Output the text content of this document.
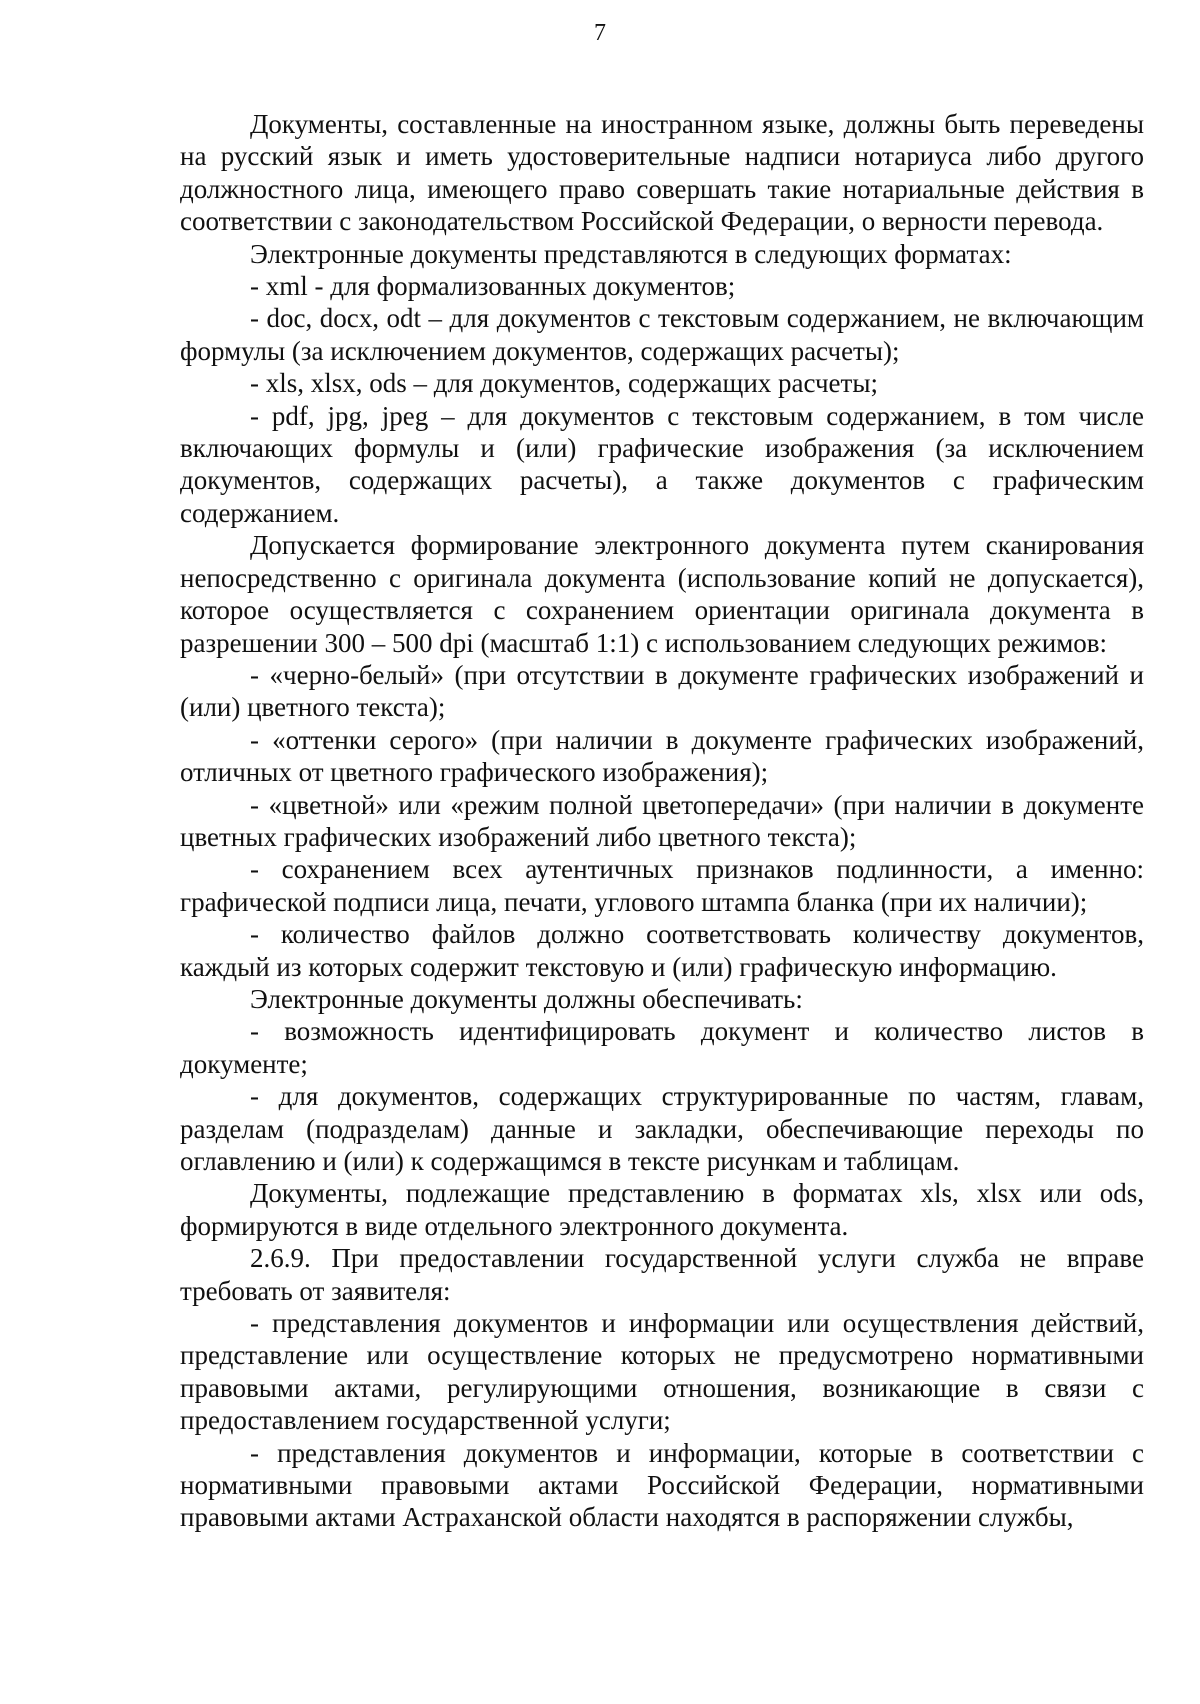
7

Документы, составленные на иностранном языке, должны быть переведены на русский язык и иметь удостоверительные надписи нотариуса либо другого должностного лица, имеющего право совершать такие нотариальные действия в соответствии с законодательством Российской Федерации, о верности перевода.

Электронные документы представляются в следующих форматах:

- xml - для формализованных документов;

- doc, docx, odt – для документов с текстовым содержанием, не включающим формулы (за исключением документов, содержащих расчеты);

- xls, xlsx, ods – для документов, содержащих расчеты;

- pdf, jpg, jpeg – для документов с текстовым содержанием, в том числе включающих формулы и (или) графические изображения (за исключением документов, содержащих расчеты), а также документов с графическим содержанием.

Допускается формирование электронного документа путем сканирования непосредственно с оригинала документа (использование копий не допускается), которое осуществляется с сохранением ориентации оригинала документа в разрешении 300 – 500 dpi (масштаб 1:1) с использованием следующих режимов:

- «черно-белый» (при отсутствии в документе графических изображений и (или) цветного текста);

- «оттенки серого» (при наличии в документе графических изображений, отличных от цветного графического изображения);

- «цветной» или «режим полной цветопередачи» (при наличии в документе цветных графических изображений либо цветного текста);

- сохранением всех аутентичных признаков подлинности, а именно: графической подписи лица, печати, углового штампа бланка (при их наличии);

- количество файлов должно соответствовать количеству документов, каждый из которых содержит текстовую и (или) графическую информацию.

Электронные документы должны обеспечивать:

- возможность идентифицировать документ и количество листов в документе;

- для документов, содержащих структурированные по частям, главам, разделам (подразделам) данные и закладки, обеспечивающие переходы по оглавлению и (или) к содержащимся в тексте рисункам и таблицам.

Документы, подлежащие представлению в форматах xls, xlsx или ods, формируются в виде отдельного электронного документа.

2.6.9. При предоставлении государственной услуги служба не вправе требовать от заявителя:

- представления документов и информации или осуществления действий, представление или осуществление которых не предусмотрено нормативными правовыми актами, регулирующими отношения, возникающие в связи с предоставлением государственной услуги;

- представления документов и информации, которые в соответствии с нормативными правовыми актами Российской Федерации, нормативными правовыми актами Астраханской области находятся в распоряжении службы,
